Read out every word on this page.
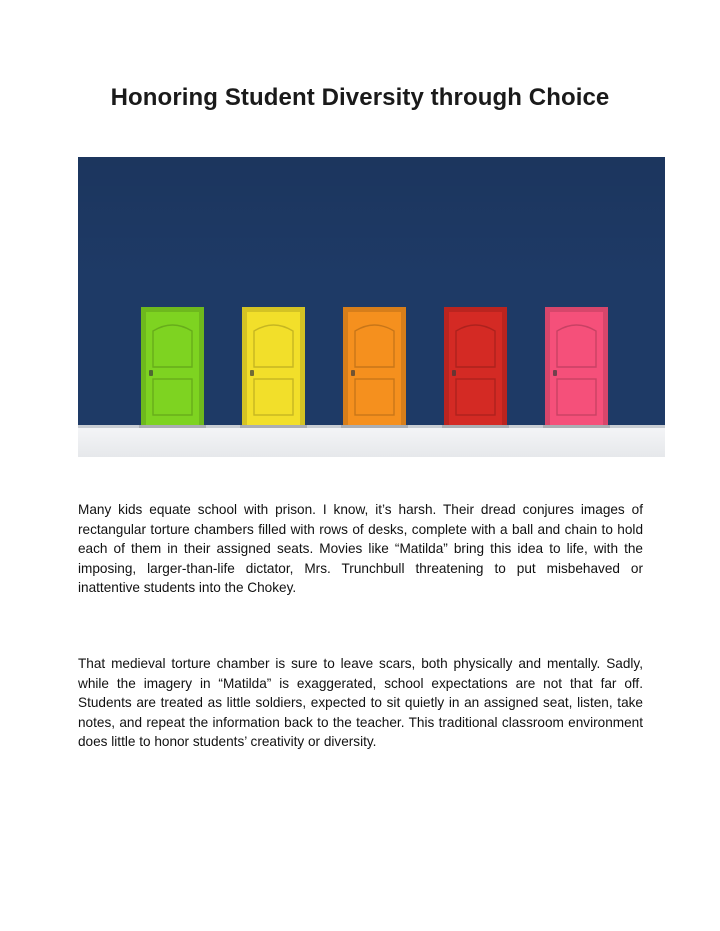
Honoring Student Diversity through Choice

Many kids equate school with prison. I know, it’s harsh. Their dread conjures images of rectangular torture chambers filled with rows of desks, complete with a ball and chain to hold each of them in their assigned seats. Movies like “Matilda” bring this idea to life, with the imposing, larger-than-life dictator, Mrs. Trunchbull threatening to put misbehaved or inattentive students into the Chokey.

That medieval torture chamber is sure to leave scars, both physically and mentally. Sadly, while the imagery in “Matilda” is exaggerated, school expectations are not that far off. Students are treated as little soldiers, expected to sit quietly in an assigned seat, listen, take notes, and repeat the information back to the teacher. This traditional classroom environment does little to honor students’ creativity or diversity.
